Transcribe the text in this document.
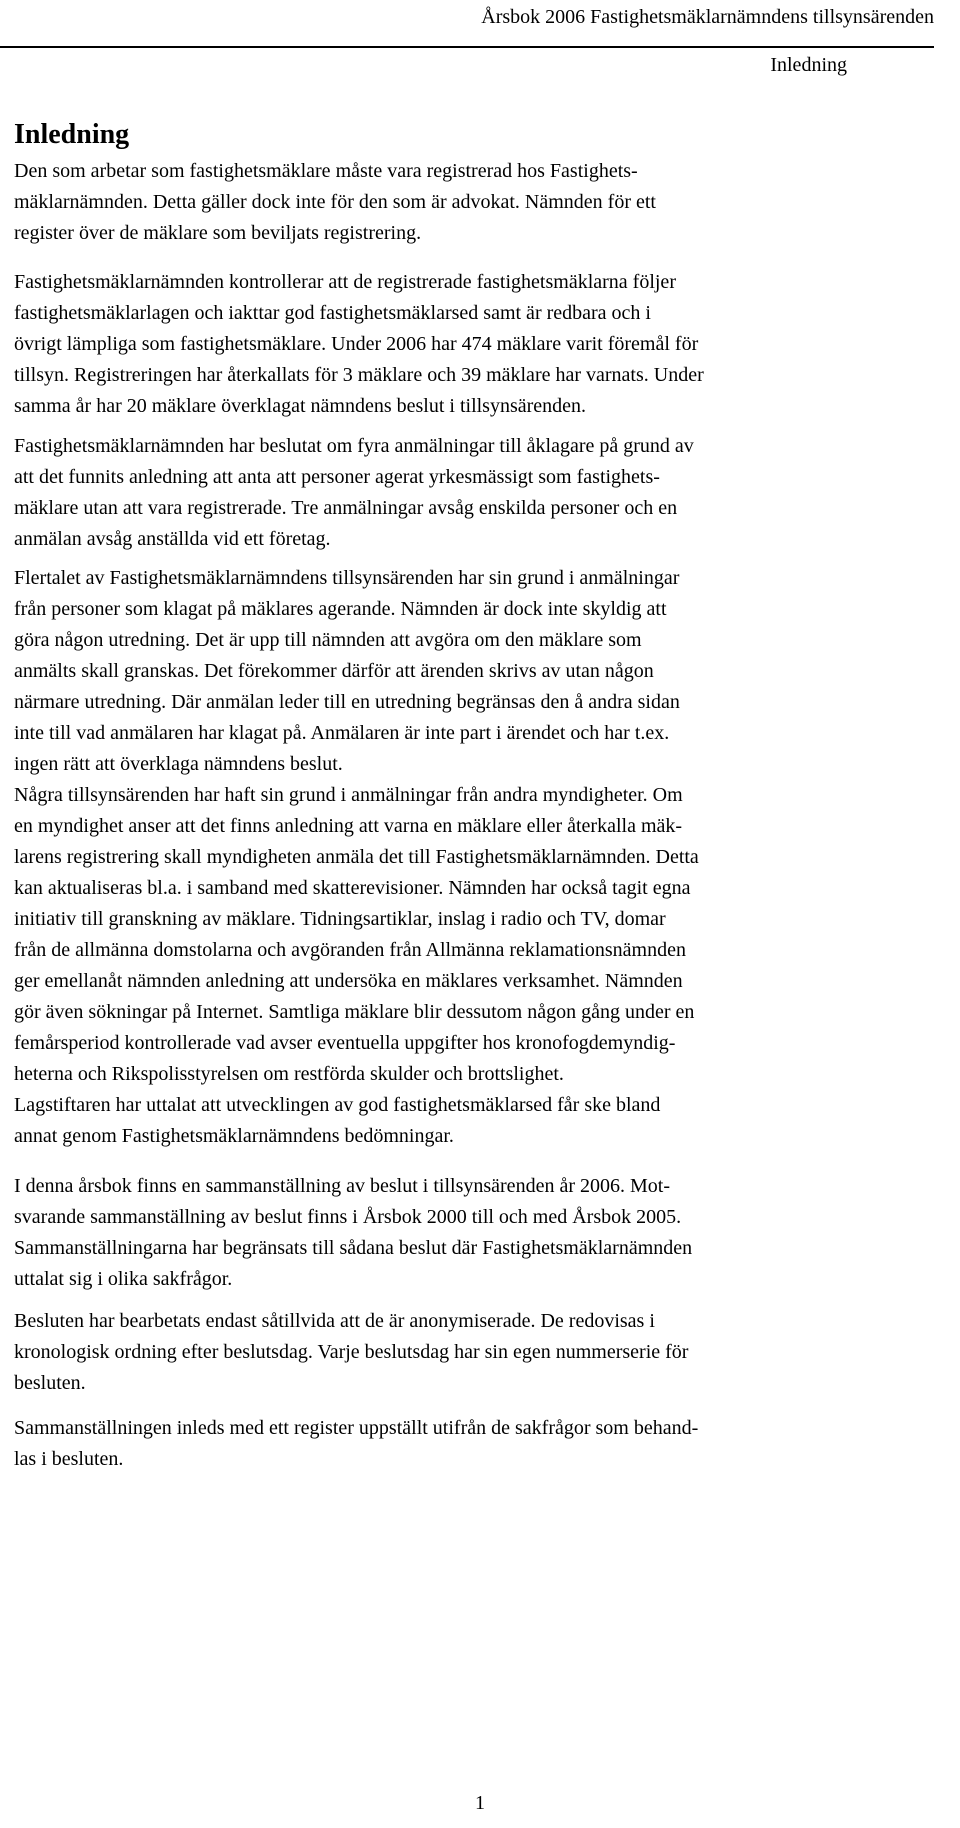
Årsbok 2006 Fastighetsmäklarnämndens tillsynsärenden
Inledning
Inledning

Den som arbetar som fastighetsmäklare måste vara registrerad hos Fastighets-
mäklarnämnden. Detta gäller dock inte för den som är advokat. Nämnden för ett
register över de mäklare som beviljats registrering.

Fastighetsmäklarnämnden kontrollerar att de registrerade fastighetsmäklarna följer
fastighetsmäklarlagen och iakttar god fastighetsmäklarsed samt är redbara och i
övrigt lämpliga som fastighetsmäklare. Under 2006 har 474 mäklare varit föremål för
tillsyn. Registreringen har återkallats för 3 mäklare och 39 mäklare har varnats. Under
samma år har 20 mäklare överklagat nämndens beslut i tillsynsärenden.

Fastighetsmäklarnämnden har beslutat om fyra anmälningar till åklagare på grund av
att det funnits anledning att anta att personer agerat yrkesmässigt som fastighets-
mäklare utan att vara registrerade. Tre anmälningar avsåg enskilda personer och en
anmälan avsåg anställda vid ett företag.

Flertalet av Fastighetsmäklarnämndens tillsynsärenden har sin grund i anmälningar
från personer som klagat på mäklares agerande. Nämnden är dock inte skyldig att
göra någon utredning. Det är upp till nämnden att avgöra om den mäklare som
anmälts skall granskas. Det förekommer därför att ärenden skrivs av utan någon
närmare utredning. Där anmälan leder till en utredning begränsas den å andra sidan
inte till vad anmälaren har klagat på. Anmälaren är inte part i ärendet och har t.ex.
ingen rätt att överklaga nämndens beslut.

Några tillsynsärenden har haft sin grund i anmälningar från andra myndigheter. Om
en myndighet anser att det finns anledning att varna en mäklare eller återkalla mäk-
larens registrering skall myndigheten anmäla det till Fastighetsmäklarnämnden. Detta
kan aktualiseras bl.a. i samband med skatterevisioner. Nämnden har också tagit egna
initiativ till granskning av mäklare. Tidningsartiklar, inslag i radio och TV, domar
från de allmänna domstolarna och avgöranden från Allmänna reklamationsnämnden
ger emellanåt nämnden anledning att undersöka en mäklares verksamhet. Nämnden
gör även sökningar på Internet. Samtliga mäklare blir dessutom någon gång under en
femårsperiod kontrollerade vad avser eventuella uppgifter hos kronofogdemyndig-
heterna och Rikspolisstyrelsen om restförda skulder och brottslighet.

Lagstiftaren har uttalat att utvecklingen av god fastighetsmäklarsed får ske bland
annat genom Fastighetsmäklarnämndens bedömningar.

I denna årsbok finns en sammanställning av beslut i tillsynsärenden år 2006. Mot-
svarande sammanställning av beslut finns i Årsbok 2000 till och med Årsbok 2005.
Sammanställningarna har begränsats till sådana beslut där Fastighetsmäklarnämnden
uttalat sig i olika sakfrågor.

Besluten har bearbetats endast såtillvida att de är anonymiserade. De redovisas i
kronologisk ordning efter beslutsdag. Varje beslutsdag har sin egen nummerserie för
besluten.

Sammanställningen inleds med ett register uppställt utifrån de sakfrågor som behand-
las i besluten.

1
